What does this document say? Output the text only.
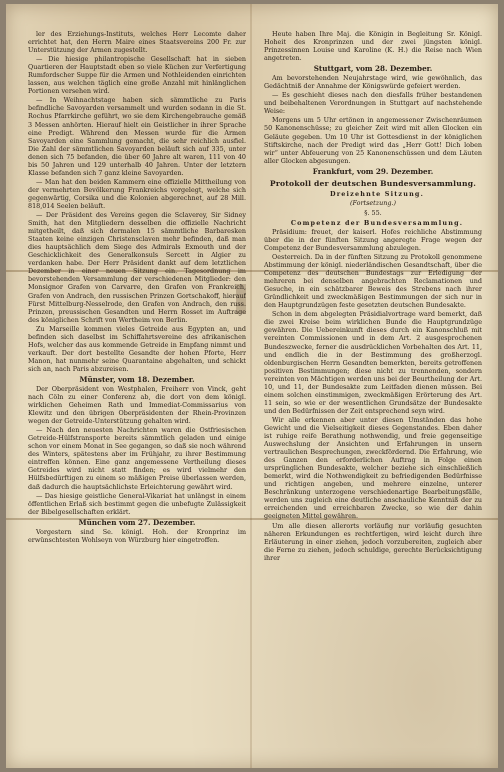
ler des Erziehungs-Instituts, welches Herr Lecomte daher errichtet hat, den Herrn Maire eines Staatsvereins 200 Fr. zur Unterstützung der Armen zugestellt.

— Die hiesige philantropische Gesellschaft hat in sieben Quartieren der Hauptstadt eben so viele Küchen zur Verfertigung Rumfordscher Suppe für die Armen und Nothleidenden einrichten lassen, aus welchen täglich eine große Anzahl mit hinlänglichen Portionen versehen wird.

— In Weihnachtstage haben sich sämmtliche zu Paris befindliche Savoyarden versammelt und wurden sodann in die St. Rochus Pfarrkirche geführt, wo sie dem Kirchengebrauche gemäß 3 Messen anhörten. Hierauf hielt ein Geistlicher in ihrer Sprache eine Predigt. Während den Messen wurde für die Armen Savoyarden eine Sammlung gemacht, die sehr reichlich ausfiel. Die Zahl der sämmtlichen Savoyarden beläuft sich auf 335, unter denen sich 75 befanden, die über 60 Jahre alt waren, 111 von 40 bis 50 Jahren und 129 unterhalb 40 Jahren. Unter der letztern Klasse befanden sich 7 ganz kleine Savoyarden.

— Man hat den beiden Kammern eine offizielle Mittheilung von der vermehrten Bevölkerung Frankreichs vorgelegt, welche sich gegenwärtig, Corsika und die Kolonien abgerechnet, auf 28 Mill. 818,014 Seelen beläuft.

— Der Präsident des Vereins gegen die Sclaverey, Sir Sidney Smith, hat den Mitgliedern desselben die offizielle Nachricht mitgetheilt, daß sich dermalen 15 sämmtliche Barbaresken Staaten keine einzigen Christensclaven mehr befinden, daß man dies hauptsächlich dem Siege des Admirals Exmouth und der Geschicklichkeit des Generalkonsuls Sercett in Algier zu verdanken habe. Der Herr Präsident dankt auf dem letztlichen Dezember in einer neuen Sitzung ein. Tagesordnung im bevorstehenden Versammlung der verschiedenen Mitglieder: den Monsignor Grafen von Carvarre, den Grafen von Frankreich, Grafen von Andrach, den russischen Prinzen Gortschakoff, hierauf Fürst Mittelburg-Nesselrode, den Grafen von Andrach, den russ. Prinzen, preussischen Gesandten und Herrn Rosset im Auftrage des königlichen Schrift von Wertheim von Berlin.

Zu Marseille kommen vieles Getreide aus Egypten an, und befinden sich daselbst im Schiffahrtsvereine des afrikanischen Hofs, welcher das aus kommende Getreide in Empfang nimmt und verkauft. Der dort bestellte Gesandte der hohen Pforte, Herr Manon, hat nunmehr seine Quarantaine abgehalten, und schickt sich an, nach Paris abzureisen.

Münster, vom 18. Dezember.

Der Oberpräsident von Westphalen, Freiherr von Vinck, geht nach Cöln zu einer Conferenz ab, die dort von dem königl. wirklichen Geheimen Rath und Immediat-Commissarius von Klewitz und den übrigen Oberpräsidenten der Rhein-Provinzen wegen der Getreide-Unterstützung gehalten wird.

— Nach den neuesten Nachrichten waren die Ostfriesischen Getreide-Hülfstransporte bereits sämmtlich geladen und einige schon vor einem Monat in See gegangen, so daß sie noch während des Winters, spätestens aber im Frühjahr, zu ihrer Bestimmung eintreffen können. Eine ganz angemessene Vertheilung dieses Getreides wird nicht statt finden; es wird vielmehr den Hülfsbedürftigen zu einem so mäßigen Preise überlassen werden, daß dadurch die hauptsächlichste Erleichterung gewährt wird.

— Das hiesige geistliche General-Vikariat hat unlängst in einem öffentlichen Erlaß sich bestimmt gegen die unbefugte Zulässigkeit der Bibelgesellschaften erklärt.

München vom 27. Dezember.

Vorgestern sind Se. königl. Hoh. der Kronprinz im erwünschtesten Wohlseyn von Würzburg hier eingetroffen.

Heute haben Ihre Maj. die Königin in Begleitung Sr. Königl. Hoheit des Kronprinzen und der zwei jüngsten königl. Prinzessinnen Louise und Karoline (K. H.) die Reise nach Wien angetreten.

Stuttgart, vom 28. Dezember.

Am bevorstehenden Neujahrstage wird, wie gewöhnlich, das Gedächtniß der Annahme der Königswürde gefeiert werden.

— Es geschieht dieses nach den diesfalls früher bestandenen und beibehaltenen Verordnungen in Stuttgart auf nachstehende Weise:

Morgens um 5 Uhr ertönen in angemessener Zwischenräumen 50 Kanonenschüsse; zu gleicher Zeit wird mit allen Glocken ein Geläute gegeben. Um 10 Uhr ist Gottesdienst in der königlichen Stiftskirche, nach der Predigt wird das „Herr Gott! Dich loben wir“ unter Abfeuerung von 25 Kanonenschüssen und dem Läuten aller Glocken abgesungen.

Frankfurt, vom 29. Dezember.
Protokoll der deutschen Bundesversammlung.

Dreizehnte Sitzung.

(Fortsetzung.)

§. 55.

Competenz der Bundesversammlung.

Präsidium: freuet, der kaiserl. Hofes reichliche Abstimmung über die in der fünften Sitzung angeregte Frage wegen der Competenz der Bundesversammlung abzulegen.

Oesterreich. Da in der fünften Sitzung zu Protokoll genommene Abstimmung der königl. niederländischen Gesandtschaft, über die Competenz des deutschen Bundestags zur Erledigung der mehreren bei denselben angebrachten Reclamationen und Gesuche, in ein schätzbarer Beweis des Strebens nach ihrer Gründlichkeit und zweckmäßigen Bestimmungen der sich nur in den Hauptgrundzügen feste gesetzten deutschen Bundesakte.

Schon in dem abgelegten Präsidialvortrage ward bemerkt, daß die zwei Kreise beim wirklichen Bunde die Hauptgrundzüge gewähren. Die Uebereinkunft dieses durch ein Kanonschluß mit vereinten Commissionen und in dem Art. 2 ausgesprochenen Bundeszwecke, ferner die ausdrücklichen Vorbehalten des Art. 11, und endlich die in der Bestimmung des großherzogl. oldenburgischen Herrn Gesandten bemerkten, bereits getroffenen positiven Bestimmungen; diese nicht zu trennenden, sondern vereinten von Mächtigen werden uns bei der Beurtheilung der Art. 10, und 11, der Bundesakte zum Leitfaden dienen müssen. Bei einem solchen einstimmigen, zweckmäßigen Erörterung des Art. 11 sein, so wie er der wesentlichen Grundsätze der Bundesakte und den Bedürfnissen der Zeit entsprechend seyn wird.

Wir alle erkennen aber unter diesen Umständen das hohe Gewicht und die Vielseitigkeit dieses Gegenstandes. Eben daher ist ruhige reife Berathung nothwendig, und freie gegenseitige Auswechslung der Ansichten und Erfahrungen in unsern vertraulichen Besprechungen, zweckfördernd. Die Erfahrung, wie des Ganzen den erforderlichen Auftrag in Folge einen ursprünglichen Bundesakte, welcher beziehe sich einschließlich bemerkt, wird die Nothwendigkeit zu befriedigenden Bedürfnisse und richtigen angeben, und mehrere einzelne, unterer Beschränkung unterzogene verschiedenartige Bearbeitungsfälle, werden uns zugleich eine deutliche anschauliche Kenntniß der zu erreichenden und erreichbaren Zwecke, so wie der dahin geeigneten Mittel gewähren.

Um alle diesen allerorts vorläufig nur vorläufig gesuchten näheren Erkundungen es rechtfertigen, wird leicht durch ihre Erläuterung in einer ziehen, jedoch vorzubereiten, zugleich aber die Ferne zu ziehen, jedoch schuldige, gerechte Berücksichtigung ihrer
